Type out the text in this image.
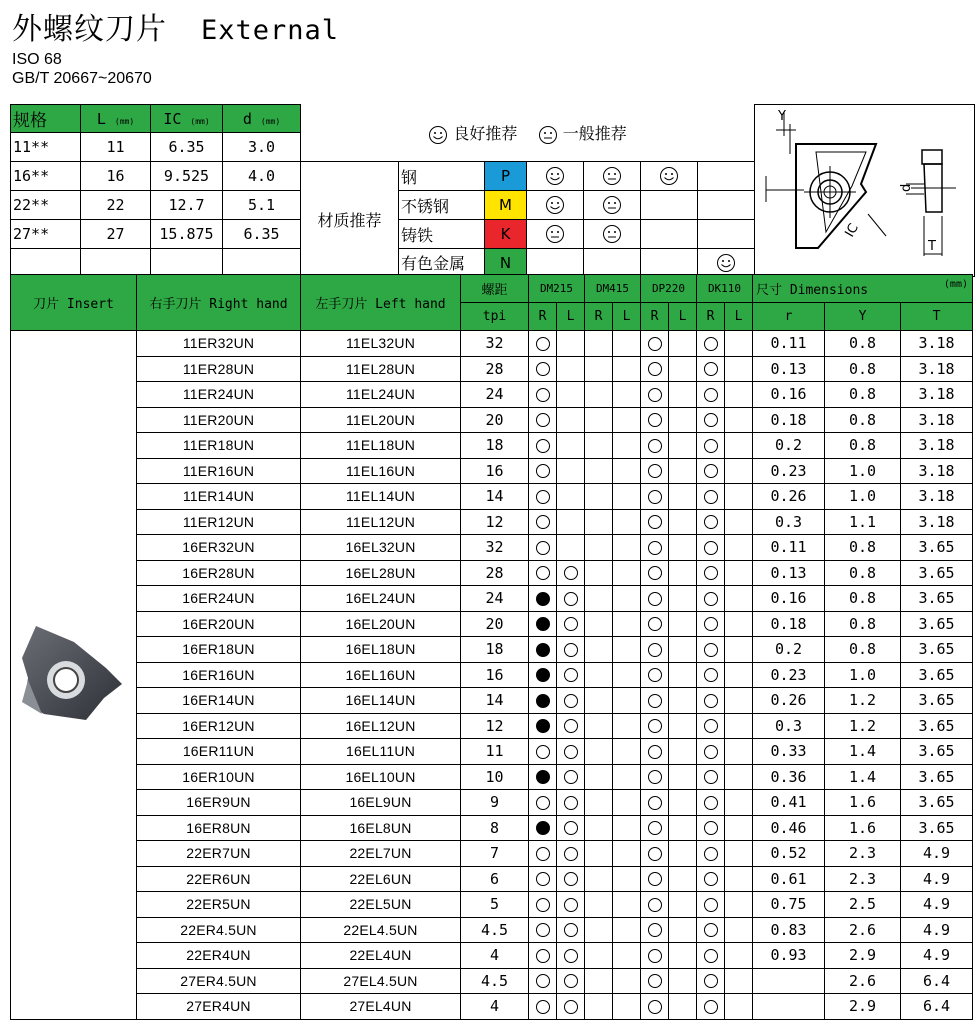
外螺纹刀片 External
ISO 68
GB/T 20667~20670
规格	L (mm)	IC (mm)	d (mm)	良好推荐 一般推荐							Y
IC
d
T

11**	11	6.35	3.0								
16**	16	9.525	4.0	材质推荐	钢	P				
22**	22	12.7	5.1		不锈钢	M				
27**	27	15.875	6.35		铸铁	K				
					有色金属	N				
刀片 Insert	右手刀片 Right hand	左手刀片 Left hand	螺距	DM215		DM415		DP220		DK110		尺寸 Dimensions (mm)		

			tpi	R	L	R	L	R	L	R	L	r	Y	T
	11ER32UN	11EL32UN	32									0.11	0.8	3.18
	11ER28UN	11EL28UN	28									0.13	0.8	3.18
	11ER24UN	11EL24UN	24									0.16	0.8	3.18
	11ER20UN	11EL20UN	20									0.18	0.8	3.18
	11ER18UN	11EL18UN	18									0.2	0.8	3.18
	11ER16UN	11EL16UN	16									0.23	1.0	3.18
	11ER14UN	11EL14UN	14									0.26	1.0	3.18
	11ER12UN	11EL12UN	12									0.3	1.1	3.18
	16ER32UN	16EL32UN	32									0.11	0.8	3.65
	16ER28UN	16EL28UN	28									0.13	0.8	3.65
	16ER24UN	16EL24UN	24									0.16	0.8	3.65
	16ER20UN	16EL20UN	20									0.18	0.8	3.65
	16ER18UN	16EL18UN	18									0.2	0.8	3.65
	16ER16UN	16EL16UN	16									0.23	1.0	3.65
	16ER14UN	16EL14UN	14									0.26	1.2	3.65
	16ER12UN	16EL12UN	12									0.3	1.2	3.65
	16ER11UN	16EL11UN	11									0.33	1.4	3.65
	16ER10UN	16EL10UN	10									0.36	1.4	3.65
	16ER9UN	16EL9UN	9									0.41	1.6	3.65
	16ER8UN	16EL8UN	8									0.46	1.6	3.65
	22ER7UN	22EL7UN	7									0.52	2.3	4.9
	22ER6UN	22EL6UN	6									0.61	2.3	4.9
	22ER5UN	22EL5UN	5									0.75	2.5	4.9
	22ER4.5UN	22EL4.5UN	4.5									0.83	2.6	4.9
	22ER4UN	22EL4UN	4									0.93	2.9	4.9
	27ER4.5UN	27EL4.5UN	4.5										2.6	6.4
	27ER4UN	27EL4UN	4										2.9	6.4
